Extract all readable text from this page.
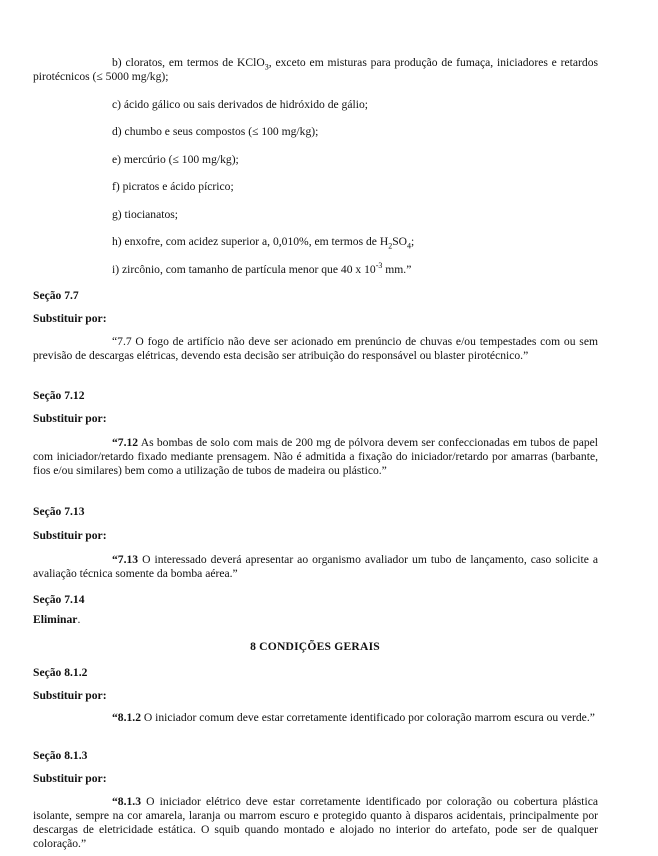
b) cloratos, em termos de KClO$_3$, exceto em misturas para produção de fumaça, iniciadores e retardos pirotécnicos (≤ 5000 mg/kg);

c) ácido gálico ou sais derivados de hidróxido de gálio;

d) chumbo e seus compostos (≤ 100 mg/kg);

e) mercúrio (≤ 100 mg/kg);

f) picratos e ácido pícrico;

g) tiocianatos;

h) enxofre, com acidez superior a, 0,010%, em termos de $H_2SO_4$;

i) zircônio, com tamanho de partícula menor que 40 x $10^{-3}$ mm.”

Seção 7.7

Substituir por:

“7.7 O fogo de artifício não deve ser acionado em prenúncio de chuvas e/ou tempestades com ou sem previsão de descargas elétricas, devendo esta decisão ser atribuição do responsável ou blaster pirotécnico.”

Seção 7.12

Substituir por:

“7.12 As bombas de solo com mais de 200 mg de pólvora devem ser confeccionadas em tubos de papel com iniciador/retardo fixado mediante prensagem. Não é admitida a fixação do iniciador/retardo por amarras (barbante, fios e/ou similares) bem como a utilização de tubos de madeira ou plástico.”

Seção 7.13

Substituir por:

“7.13 O interessado deverá apresentar ao organismo avaliador um tubo de lançamento, caso solicite a avaliação técnica somente da bomba aérea.”

Seção 7.14

Eliminar.

8 CONDIÇÕES GERAIS

Seção 8.1.2

Substituir por:

“8.1.2 O iniciador comum deve estar corretamente identificado por coloração marrom escura ou verde.”

Seção 8.1.3

Substituir por:

“8.1.3 O iniciador elétrico deve estar corretamente identificado por coloração ou cobertura plástica isolante, sempre na cor amarela, laranja ou marrom escuro e protegido quanto à disparos acidentais, principalmente por descargas de eletricidade estática. O squib quando montado e alojado no interior do artefato, pode ser de qualquer coloração.”
